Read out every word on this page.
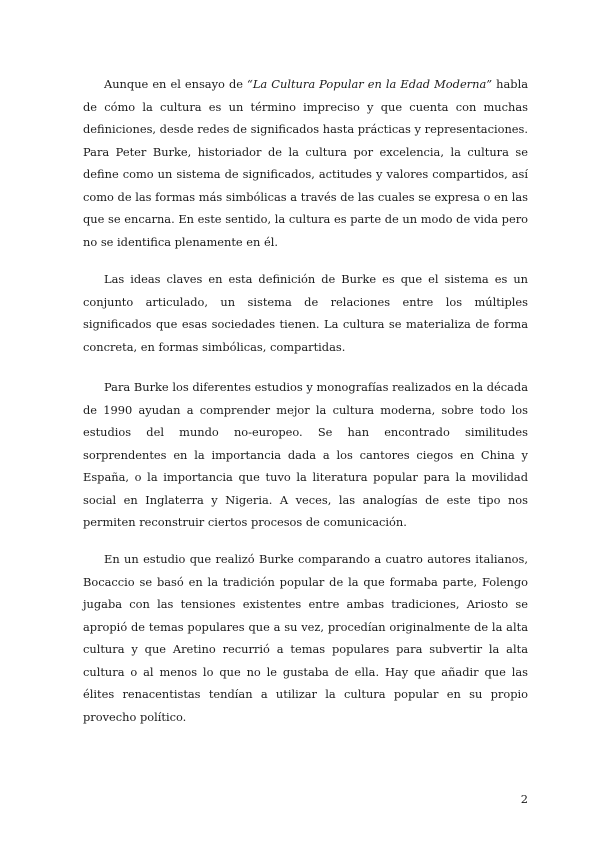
Aunque en el ensayo de “La Cultura Popular en la Edad Moderna” habla de cómo la cultura es un término impreciso y que cuenta con muchas definiciones, desde redes de significados hasta prácticas y representaciones. Para Peter Burke, historiador de la cultura por excelencia, la cultura se define como un sistema de significados, actitudes y valores compartidos, así como de las formas más simbólicas a través de las cuales se expresa o en las que se encarna. En este sentido, la cultura es parte de un modo de vida pero no se identifica plenamente en él.

Las ideas claves en esta definición de Burke es que el sistema es un conjunto articulado, un sistema de relaciones entre los múltiples significados que esas sociedades tienen. La cultura se materializa de forma concreta, en formas simbólicas, compartidas.

Para Burke los diferentes estudios y monografías realizados en la década de 1990 ayudan a comprender mejor la cultura moderna, sobre todo los estudios del mundo no-europeo. Se han encontrado similitudes sorprendentes en la importancia dada a los cantores ciegos en China y España, o la importancia que tuvo la literatura popular para la movilidad social en Inglaterra y Nigeria. A veces, las analogías de este tipo nos permiten reconstruir ciertos procesos de comunicación.

En un estudio que realizó Burke comparando a cuatro autores italianos, Bocaccio se basó en la tradición popular de la que formaba parte, Folengo jugaba con las tensiones existentes entre ambas tradiciones, Ariosto se apropió de temas populares que a su vez, procedían originalmente de la alta cultura y que Aretino recurrió a temas populares para subvertir la alta cultura o al menos lo que no le gustaba de ella. Hay que añadir que las élites renacentistas tendían a utilizar la cultura popular en su propio provecho político.

2
